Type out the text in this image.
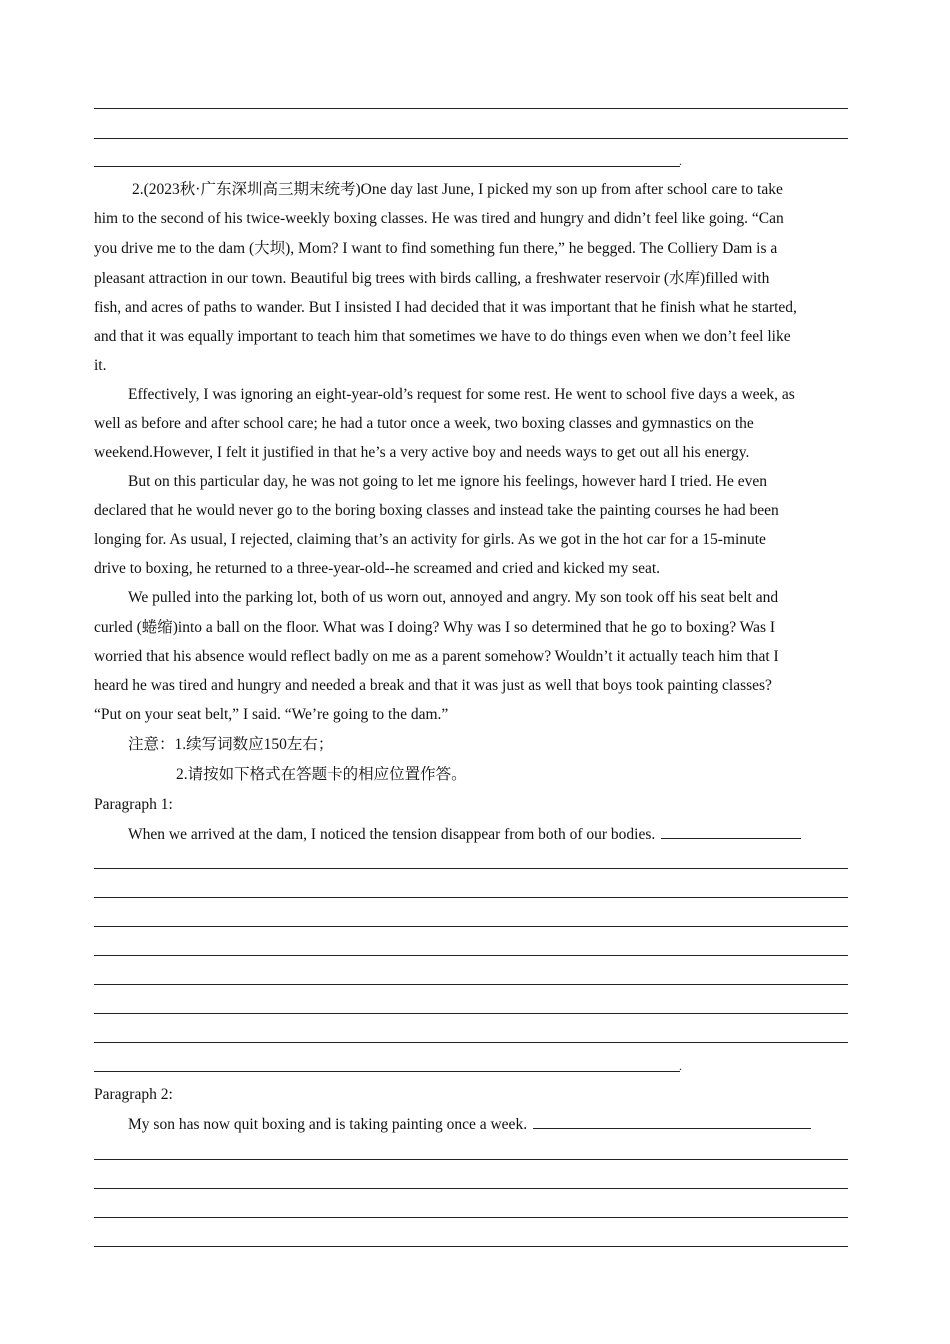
.
2.(2023秋·广东深圳高三期末统考)One day last June, I picked my son up from after school care to take
him to the second of his twice-weekly boxing classes. He was tired and hungry and didn’t feel like going. “Can
you drive me to the dam (大坝), Mom? I want to find something fun there,” he begged. The Colliery Dam is a
pleasant attraction in our town. Beautiful big trees with birds calling, a freshwater reservoir (水库)filled with
fish, and acres of paths to wander. But I insisted I had decided that it was important that he finish what he started,
and that it was equally important to teach him that sometimes we have to do things even when we don’t feel like
it.
Effectively, I was ignoring an eight-year-old’s request for some rest. He went to school five days a week, as
well as before and after school care; he had a tutor once a week, two boxing classes and gymnastics on the
weekend.However, I felt it justified in that he’s a very active boy and needs ways to get out all his energy.
But on this particular day, he was not going to let me ignore his feelings, however hard I tried. He even
declared that he would never go to the boring boxing classes and instead take the painting courses he had been
longing for. As usual, I rejected, claiming that’s an activity for girls. As we got in the hot car for a 15-minute
drive to boxing, he returned to a three-year-old--he screamed and cried and kicked my seat.
We pulled into the parking lot, both of us worn out, annoyed and angry. My son took off his seat belt and
curled (蜷缩)into a ball on the floor. What was I doing? Why was I so determined that he go to boxing? Was I
worried that his absence would reflect badly on me as a parent somehow? Wouldn’t it actually teach him that I
heard he was tired and hungry and needed a break and that it was just as well that boys took painting classes?
“Put on your seat belt,” I said. “We’re going to the dam.”
注意：1.续写词数应150左右；
2.请按如下格式在答题卡的相应位置作答。
Paragraph 1:
When we arrived at the dam, I noticed the tension disappear from both of our bodies.
.
Paragraph 2:
My son has now quit boxing and is taking painting once a week.
